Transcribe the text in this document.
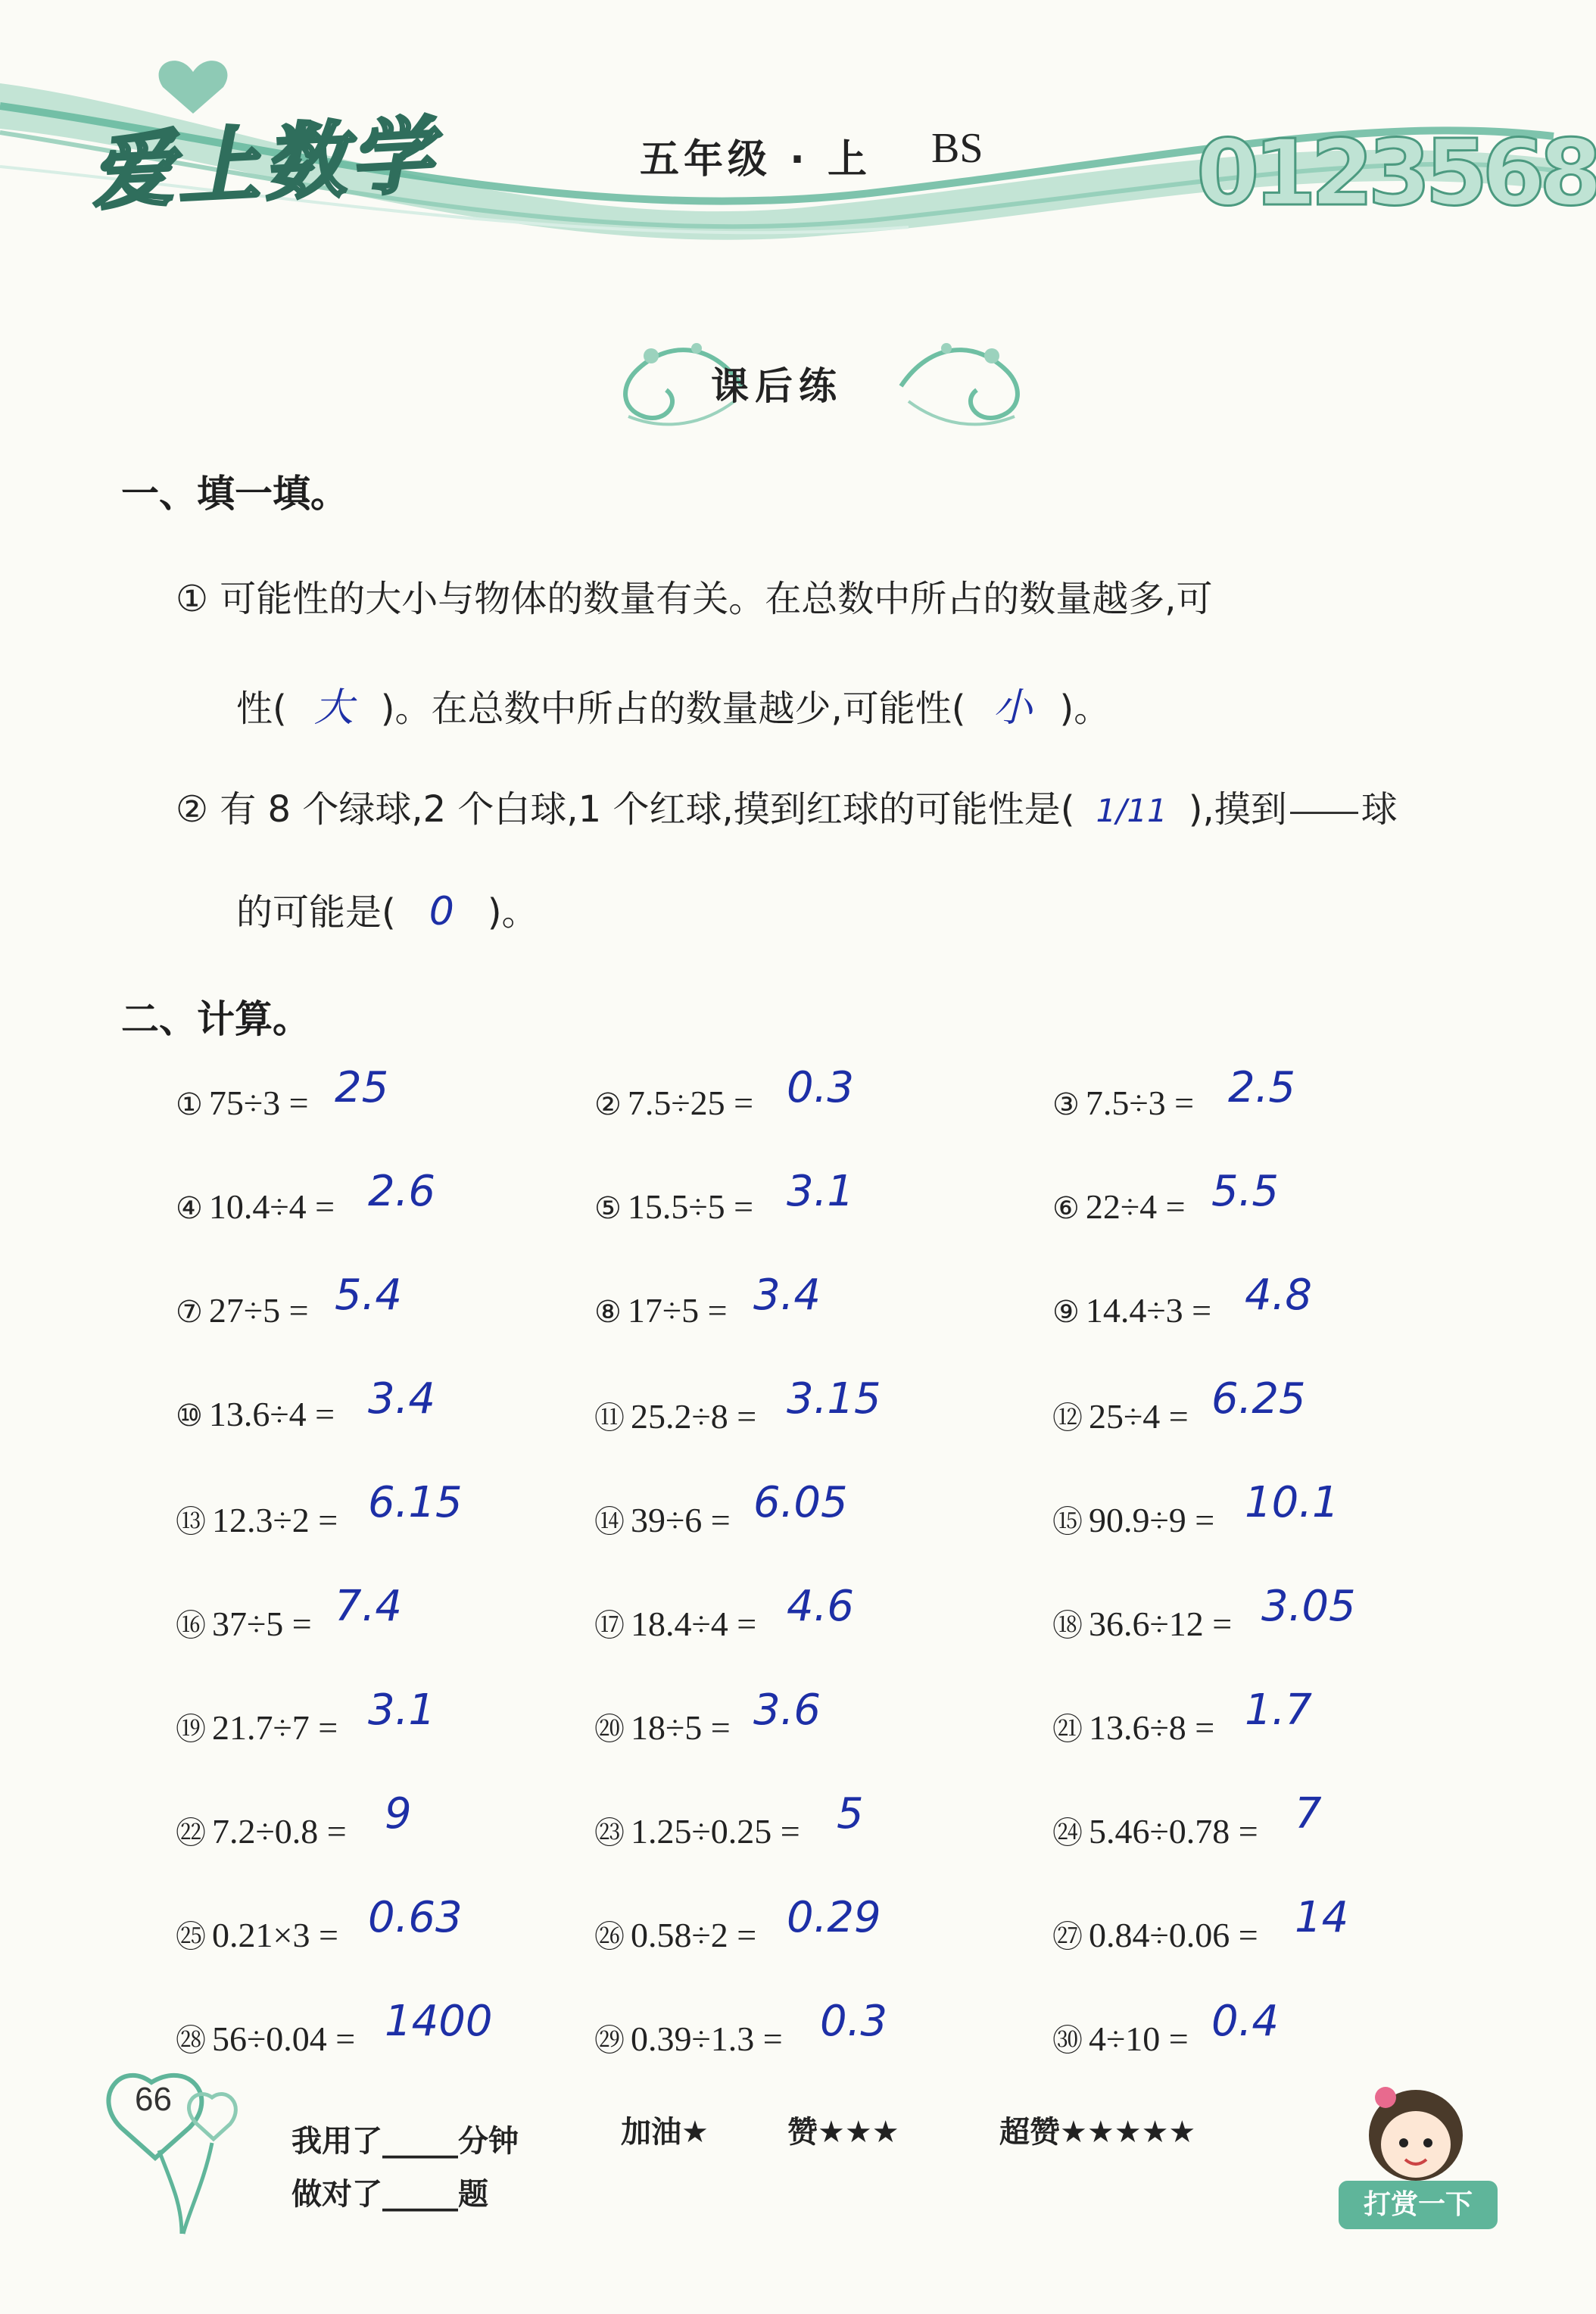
爱上数学	五年级 · 上 BS 0123568
课后练
一、填一填。
① 可能性的大小与物体的数量有关。在总数中所占的数量越多,可
性( 大 )。在总数中所占的数量越少,可能性( 小 )。
② 有 8 个绿球,2 个白球,1 个红球,摸到红球的可能性是( 1/11 ),摸到 球
的可能是( 0 )。
二、计算。
① 75÷3 = 25	② 7.5÷25 = 0.3	③ 7.5÷3 = 2.5
④ 10.4÷4 = 2.6	⑤ 15.5÷5 = 3.1	⑥ 22÷4 = 5.5
⑦ 27÷5 = 5.4	⑧ 17÷5 = 3.4	⑨ 14.4÷3 = 4.8
⑩ 13.6÷4 = 3.4	⑪ 25.2÷8 = 3.15	⑫ 25÷4 = 6.25
⑬ 12.3÷2 = 6.15	⑭ 39÷6 = 6.05	⑮ 90.9÷9 = 10.1
⑯ 37÷5 = 7.4	⑰ 18.4÷4 = 4.6	⑱ 36.6÷12 = 3.05
⑲ 21.7÷7 = 3.1	⑳ 18÷5 = 3.6	㉑ 13.6÷8 = 1.7
㉒ 7.2÷0.8 = 9	㉓ 1.25÷0.25 = 5	㉔ 5.46÷0.78 = 7
㉕ 0.21×3 = 0.63	㉖ 0.58÷2 = 0.29	㉗ 0.84÷0.06 = 14
㉘ 56÷0.04 = 1400	㉙ 0.39÷1.3 = 0.3	㉚ 4÷10 = 0.4
66
我用了_____分钟
做对了_____题
加油★	赞★★★	超赞★★★★★
打赏一下
